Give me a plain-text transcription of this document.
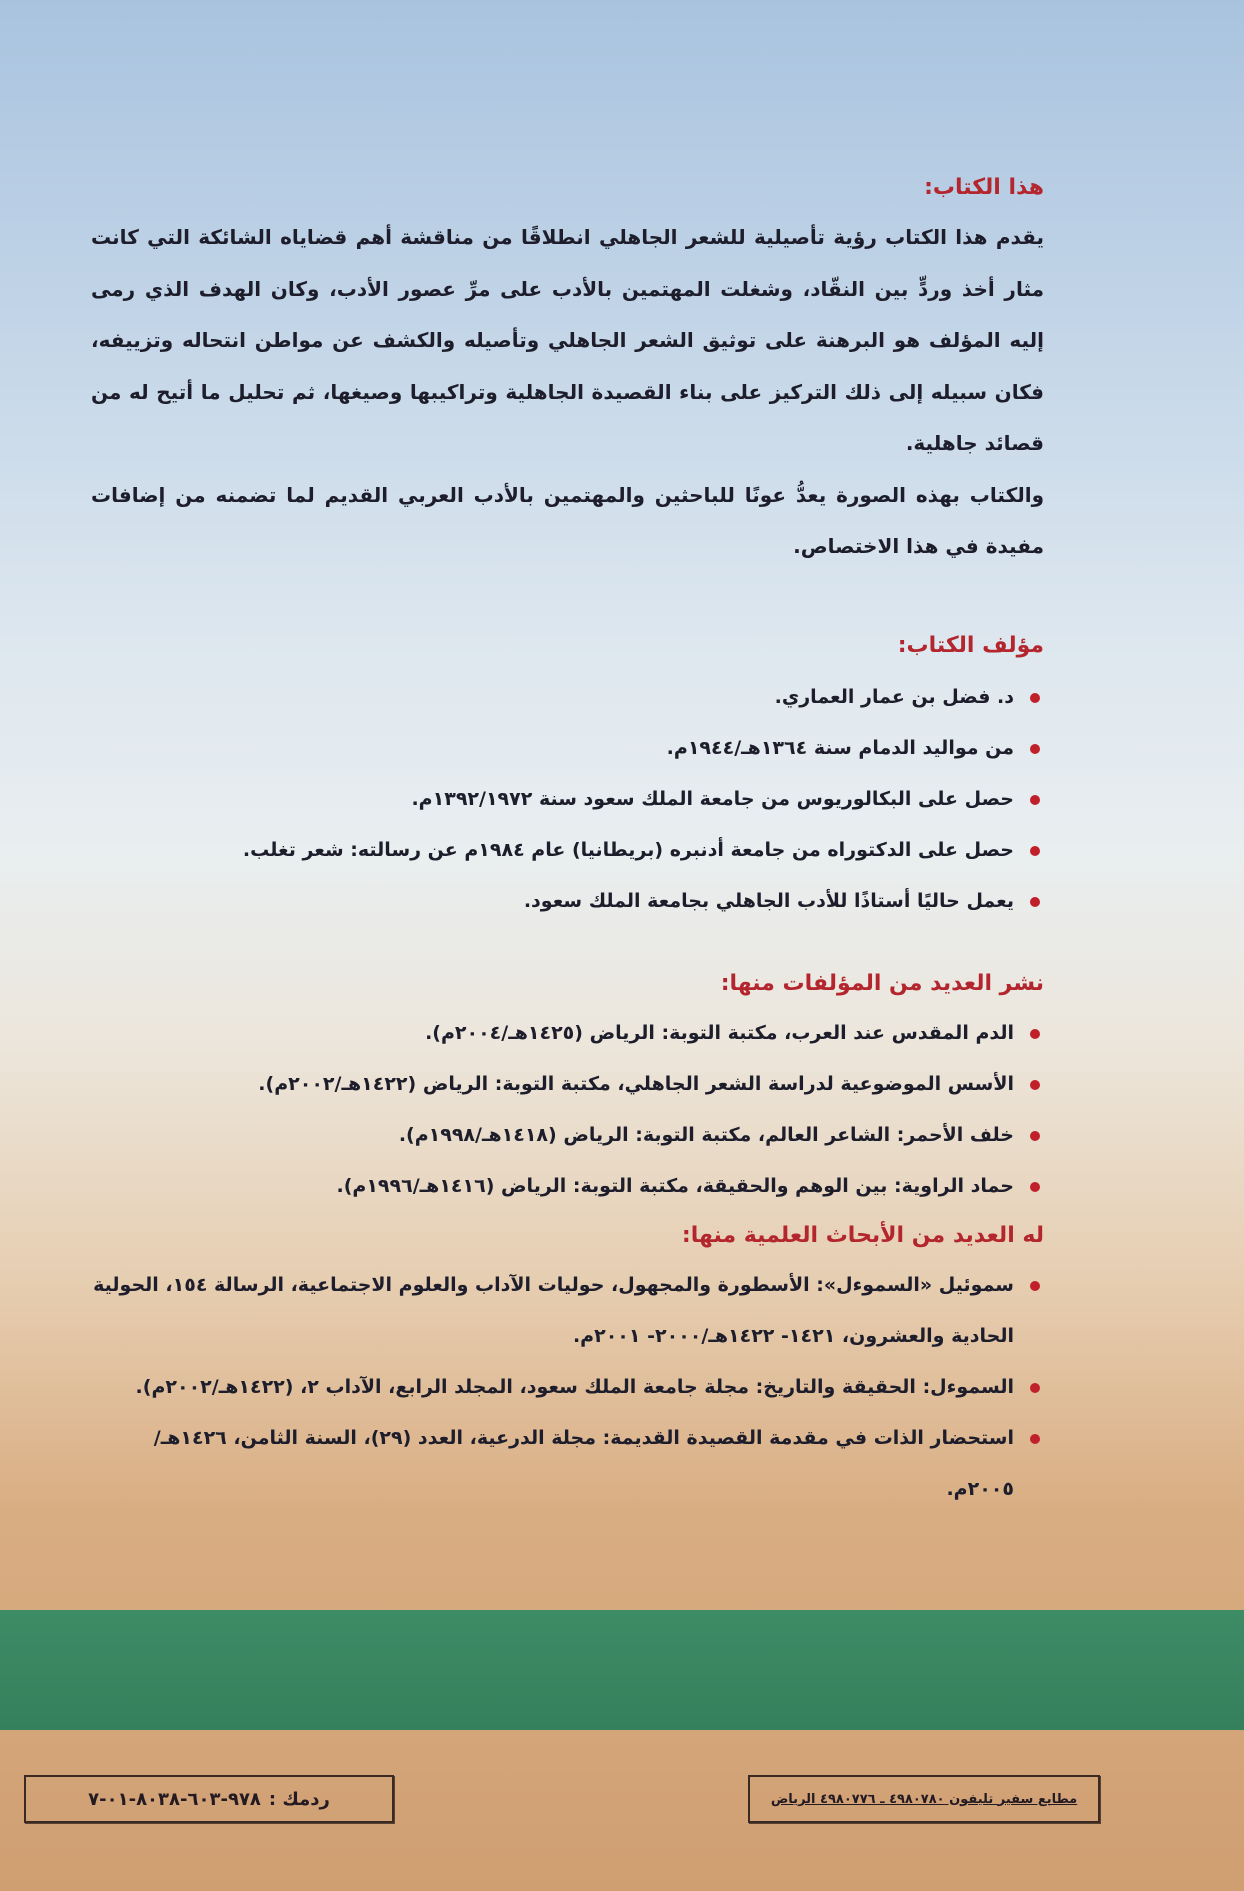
هذا الكتاب:

يقدم هذا الكتاب رؤية تأصيلية للشعر الجاهلي انطلاقًا من مناقشة أهم قضاياه الشائكة التي كانت مثار أخذ وردٍّ بين النقّاد، وشغلت المهتمين بالأدب على مرِّ عصور الأدب، وكان الهدف الذي رمى إليه المؤلف هو البرهنة على توثيق الشعر الجاهلي وتأصيله والكشف عن مواطن انتحاله وتزييفه، فكان سبيله إلى ذلك التركيز على بناء القصيدة الجاهلية وتراكيبها وصيغها، ثم تحليل ما أتيح له من قصائد جاهلية.

والكتاب بهذه الصورة يعدُّ عونًا للباحثين والمهتمين بالأدب العربي القديم لما تضمنه من إضافات مفيدة في هذا الاختصاص.

مؤلف الكتاب:
د. فضل بن عمار العماري.
من مواليد الدمام سنة ١٣٦٤هـ/١٩٤٤م.
حصل على البكالوريوس من جامعة الملك سعود سنة ١٣٩٢/١٩٧٢م.
حصل على الدكتوراه من جامعة أدنبره (بريطانيا) عام ١٩٨٤م عن رسالته: شعر تغلب.
يعمل حاليًا أستاذًا للأدب الجاهلي بجامعة الملك سعود.
نشر العديد من المؤلفات منها:
الدم المقدس عند العرب، مكتبة التوبة: الرياض (١٤٢٥هـ/٢٠٠٤م).
الأسس الموضوعية لدراسة الشعر الجاهلي، مكتبة التوبة: الرياض (١٤٢٢هـ/٢٠٠٢م).
خلف الأحمر: الشاعر العالم، مكتبة التوبة: الرياض (١٤١٨هـ/١٩٩٨م).
حماد الراوية: بين الوهم والحقيقة، مكتبة التوبة: الرياض (١٤١٦هـ/١٩٩٦م).
له العديد من الأبحاث العلمية منها:
سموئيل «السموءل»: الأسطورة والمجهول، حوليات الآداب والعلوم الاجتماعية، الرسالة ١٥٤، الحولية الحادية والعشرون، ١٤٢١- ١٤٢٢هـ/٢٠٠٠- ٢٠٠١م.
السموءل: الحقيقة والتاريخ: مجلة جامعة الملك سعود، المجلد الرابع، الآداب ٢، (١٤٢٢هـ/٢٠٠٢م).
استحضار الذات في مقدمة القصيدة القديمة: مجلة الدرعية، العدد (٢٩)، السنة الثامن، ١٤٢٦هـ/٢٠٠٥م.
ردمك :
٩٧٨-٦٠٣-٨٠٣٨-٠١-٧	مطابع سفير تليفون ٤٩٨٠٧٨٠ ـ ٤٩٨٠٧٧٦ الرياض
